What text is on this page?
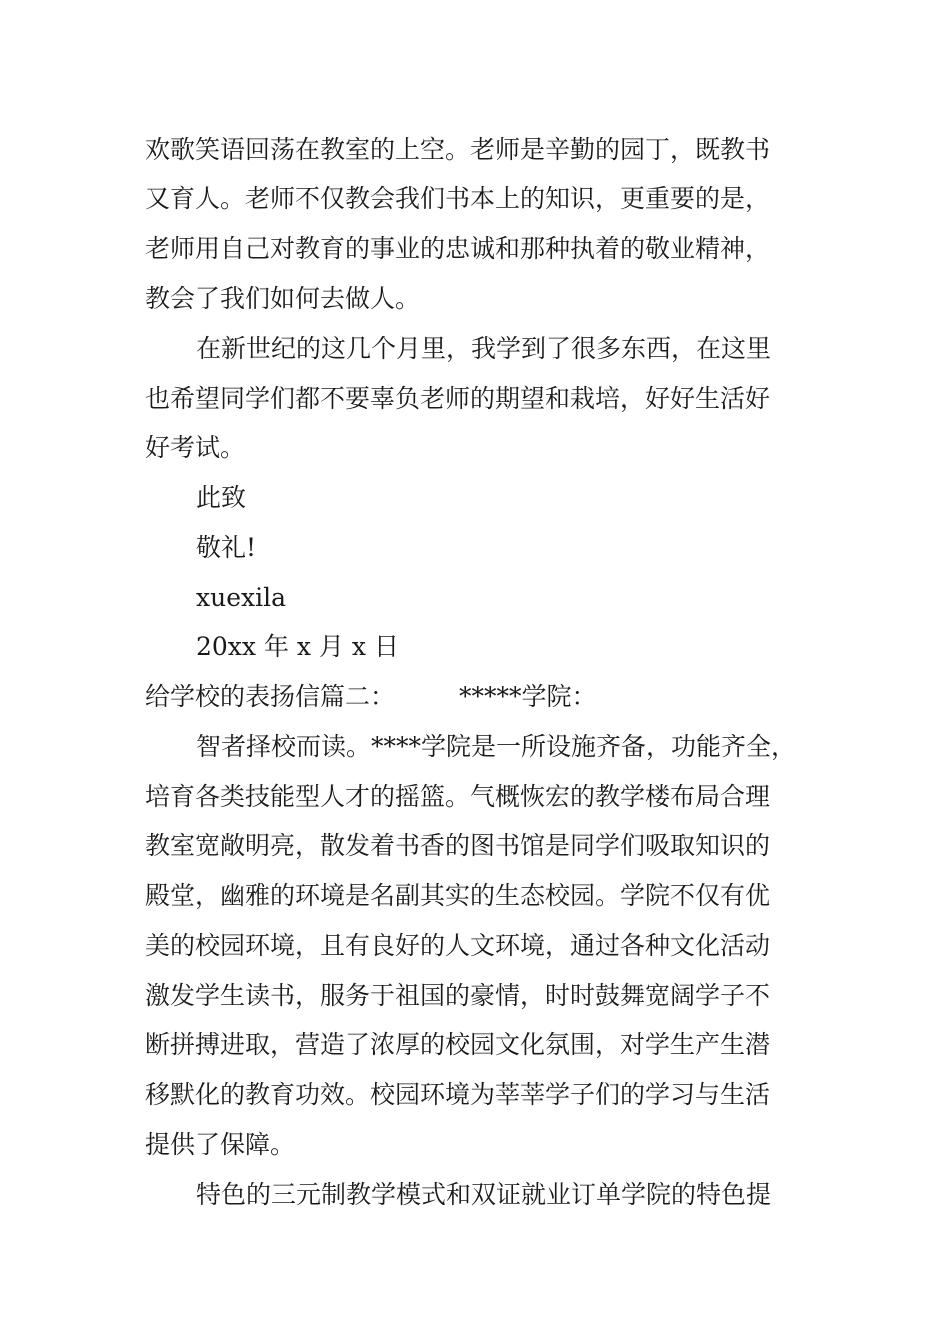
欢歌笑语回荡在教室的上空。老师是辛勤的园丁，既教书
又育人。老师不仅教会我们书本上的知识，更重要的是，
老师用自己对教育的事业的忠诚和那种执着的敬业精神，
教会了我们如何去做人。
在新世纪的这几个月里，我学到了很多东西，在这里
也希望同学们都不要辜负老师的期望和栽培，好好生活好
好考试。
此致
敬礼!
xuexila
20xx 年 x 月 x 日
给学校的表扬信篇二：	*****学院：
智者择校而读。****学院是一所设施齐备，功能齐全，
培育各类技能型人才的摇篮。气概恢宏的教学楼布局合理
教室宽敞明亮，散发着书香的图书馆是同学们吸取知识的
殿堂，幽雅的环境是名副其实的生态校园。学院不仅有优
美的校园环境，且有良好的人文环境，通过各种文化活动
激发学生读书，服务于祖国的豪情，时时鼓舞宽阔学子不
断拼搏进取，营造了浓厚的校园文化氛围，对学生产生潜
移默化的教育功效。校园环境为莘莘学子们的学习与生活
提供了保障。
特色的三元制教学模式和双证就业订单学院的特色提
